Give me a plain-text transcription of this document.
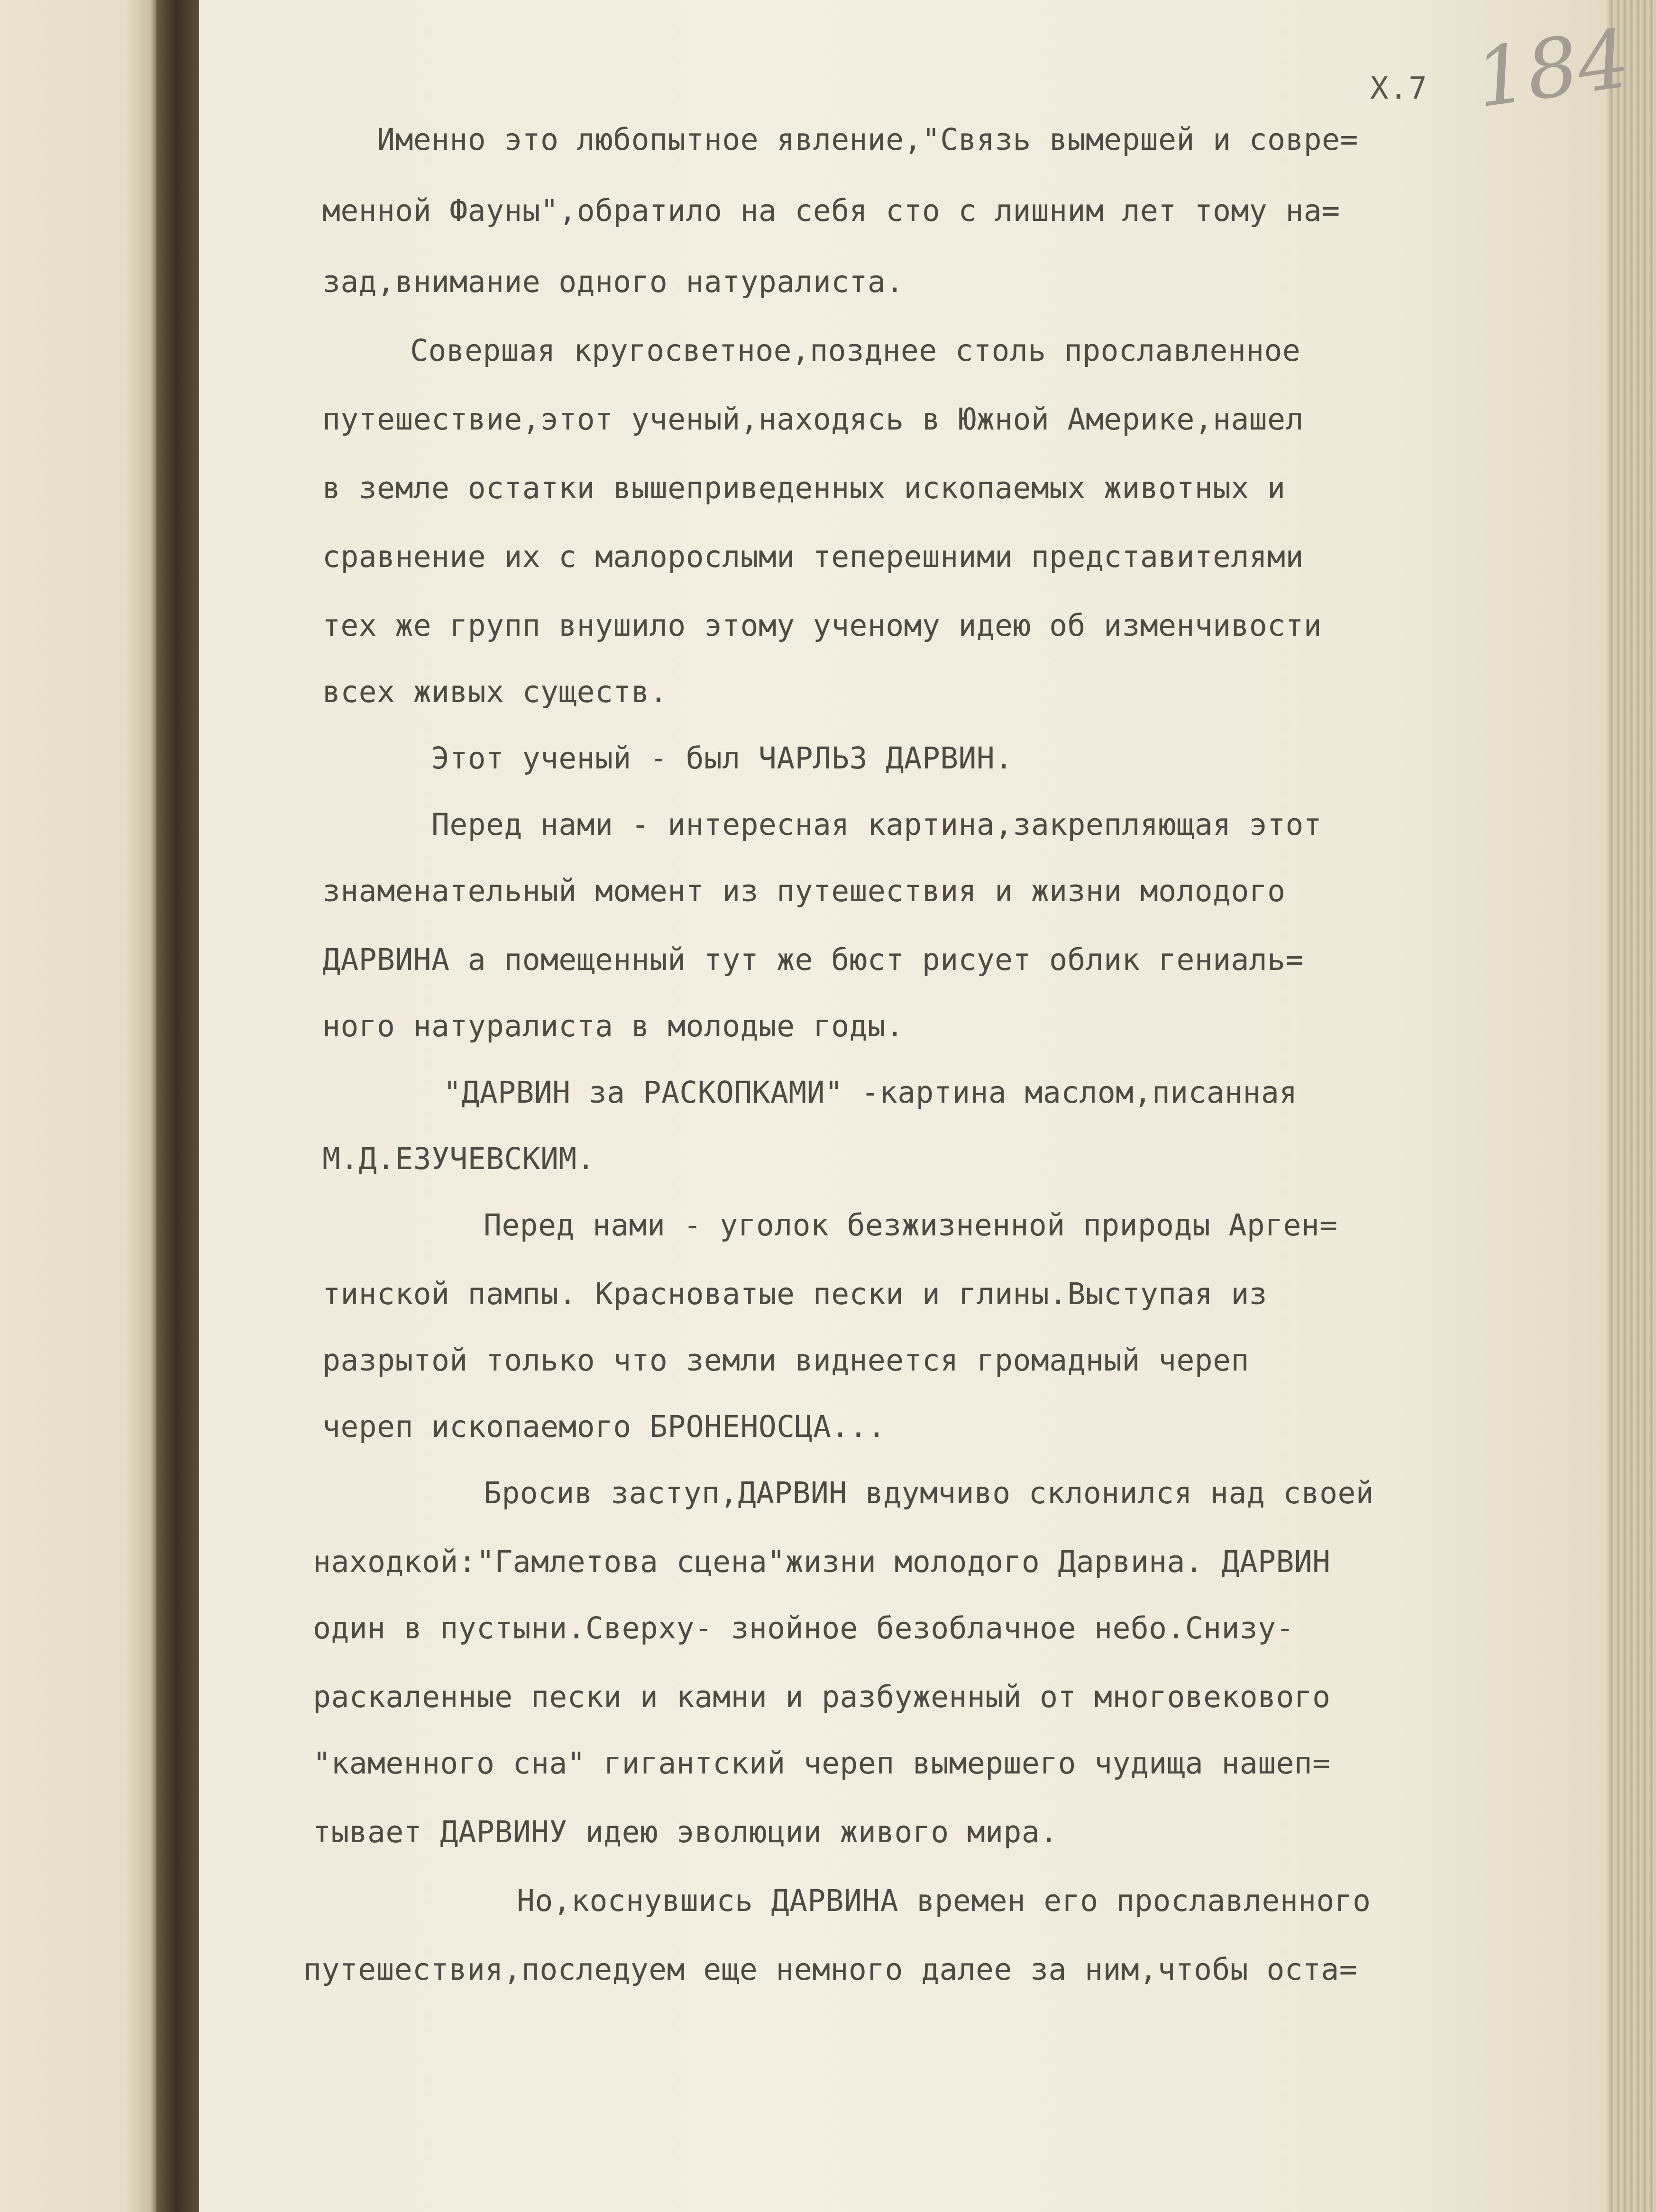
Х.7 184
Именно это любопытное явление,"Связь вымершей и совре=
менной Фауны",обратило на себя сто с лишним лет тому на=
зад,внимание одного натуралиста.
Совершая кругосветное,позднее столь прославленное
путешествие,этот ученый,находясь в Южной Америке,нашел
в земле остатки вышеприведенных ископаемых животных и
сравнение их с малорослыми теперешними представителями
тех же групп внушило этому ученому идею об изменчивости
всех живых существ.
Этот ученый - был ЧАРЛЬЗ ДАРВИН.
Перед нами - интересная картина,закрепляющая этот
знаменательный момент из путешествия и жизни молодого
ДАРВИНА а помещенный тут же бюст рисует облик гениаль=
ного натуралиста в молодые годы.
"ДАРВИН за РАСКОПКАМИ" -картина маслом,писанная
М.Д.ЕЗУЧЕВСКИМ.
Перед нами - уголок безжизненной природы Арген=
тинской пампы. Красноватые пески и глины.Выступая из
разрытой только что земли виднеется громадный череп
череп ископаемого БРОНЕНОСЦА...
Бросив заступ,ДАРВИН вдумчиво склонился над своей
находкой:"Гамлетова сцена"жизни молодого Дарвина. ДАРВИН
один в пустыни.Сверху- знойное безоблачное небо.Снизу-
раскаленные пески и камни и разбуженный от многовекового
"каменного сна" гигантский череп вымершего чудища нашеп=
тывает ДАРВИНУ идею эволюции живого мира.
Но,коснувшись ДАРВИНА времен его прославленного
путешествия,последуем еще немного далее за ним,чтобы оста=
